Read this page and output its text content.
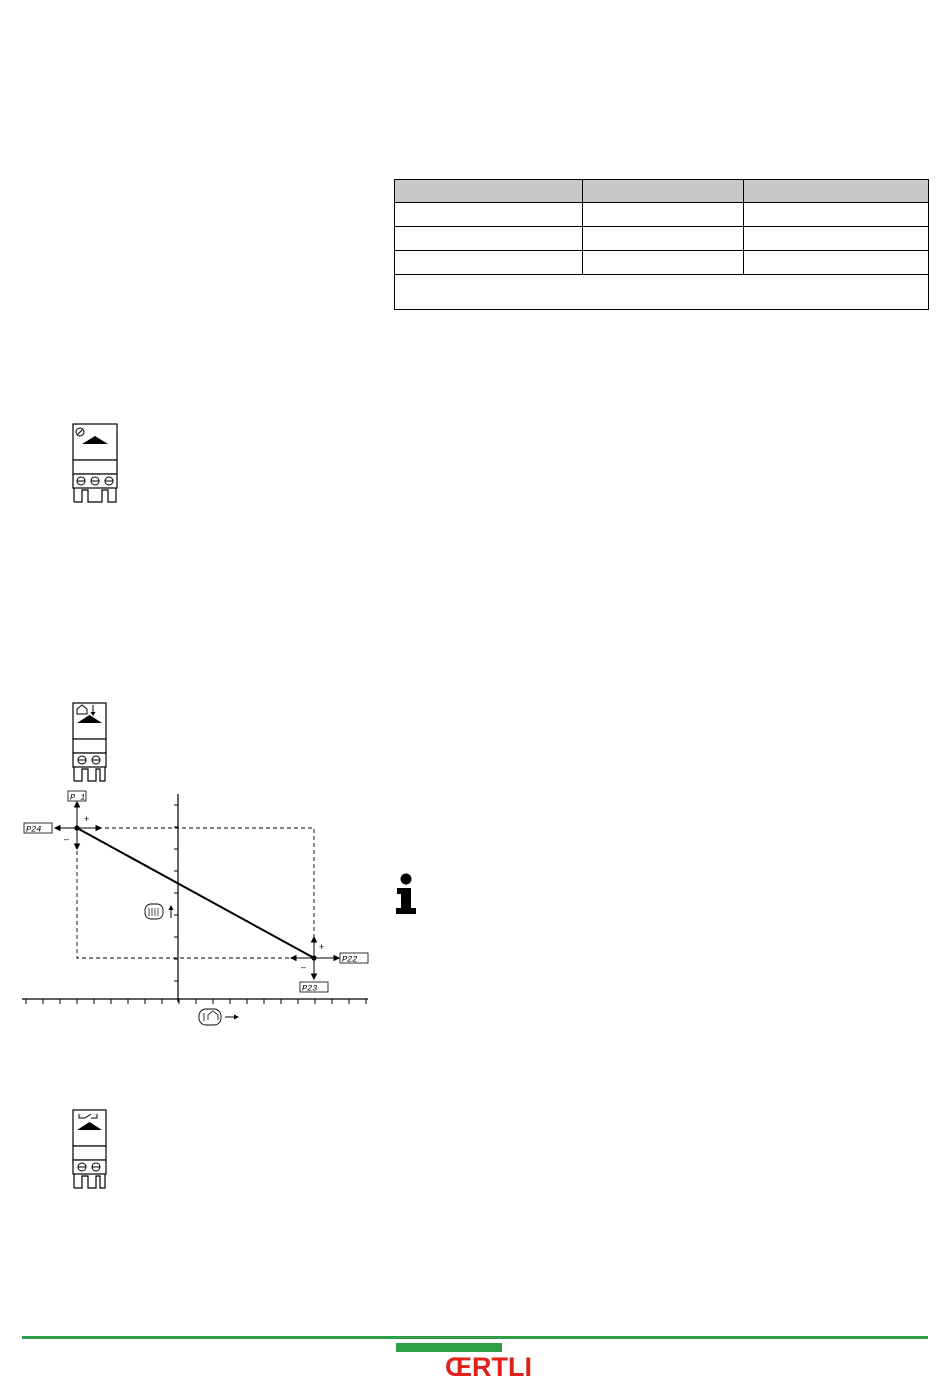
+
–
+
–
P 1
P24
P22
P23
ŒRTLI
